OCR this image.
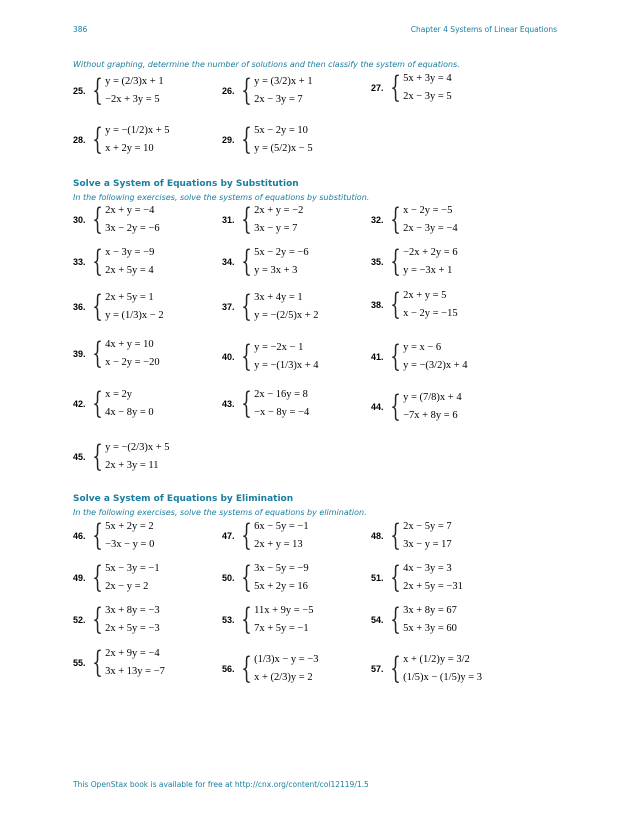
386	Chapter 4 Systems of Linear Equations
Without graphing, determine the number of solutions and then classify the system of equations.
Solve a System of Equations by Substitution
In the following exercises, solve the systems of equations by substitution.
Solve a System of Equations by Elimination
In the following exercises, solve the systems of equations by elimination.
25. { y = (2/3)x + 1
−2x + 3y = 5
26. { y = (3/2)x + 1
2x − 3y = 7
27. { 5x + 3y = 4
2x − 3y = 5
28. { y = −(1/2)x + 5
x + 2y = 10
29. { 5x − 2y = 10
y = (5/2)x − 5
30. { 2x + y = −4
3x − 2y = −6
31. { 2x + y = −2
3x − y = 7
32. { x − 2y = −5
2x − 3y = −4
33. { x − 3y = −9
2x + 5y = 4
34. { 5x − 2y = −6
y = 3x + 3
35. { −2x + 2y = 6
y = −3x + 1
36. { 2x + 5y = 1
y = (1/3)x − 2
37. { 3x + 4y = 1
y = −(2/5)x + 2
38. { 2x + y = 5
x − 2y = −15
39. { 4x + y = 10
x − 2y = −20	40. { y = −2x − 1
y = −(1/3)x + 4
41. { y = x − 6
y = −(3/2)x + 4
42. { x = 2y
4x − 8y = 0
43. { 2x − 16y = 8
−x − 8y = −4	44. { y = (7/8)x + 4
−7x + 8y = 6
45. { y = −(2/3)x + 5
2x + 3y = 11
46. { 5x + 2y = 2
−3x − y = 0
47. { 6x − 5y = −1
2x + y = 13
48. { 2x − 5y = 7
3x − y = 17
49. { 5x − 3y = −1
2x − y = 2
50. { 3x − 5y = −9
5x + 2y = 16
51. { 4x − 3y = 3
2x + 5y = −31
52. { 3x + 8y = −3
2x + 5y = −3
53. { 11x + 9y = −5
7x + 5y = −1
54. { 3x + 8y = 67
5x + 3y = 60
55. { 2x + 9y = −4
3x + 13y = −7	56. { (1/3)x − y = −3
x + (2/3)y = 2
57. { x + (1/2)y = 3/2
(1/5)x − (1/5)y = 3
This OpenStax book is available for free at http://cnx.org/content/col12119/1.5
